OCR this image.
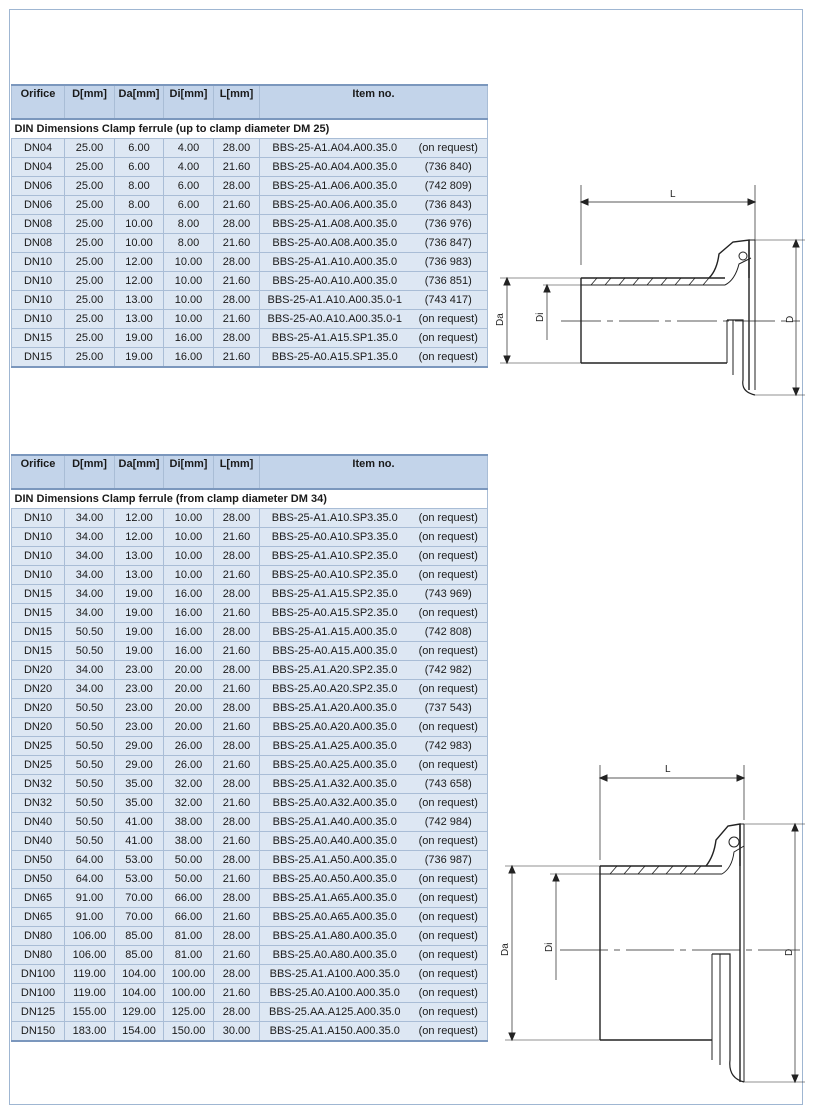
Orifice	D[mm]	Da[mm]	Di[mm]	L[mm]	Item no.	
DIN Dimensions Clamp ferrule (up to clamp diameter DM 25)						
DN04	25.00	6.00	4.00	28.00	BBS-25-A1.A04.A00.35.0	(on request)
DN04	25.00	6.00	4.00	21.60	BBS-25-A0.A04.A00.35.0	(736 840)
DN06	25.00	8.00	6.00	28.00	BBS-25-A1.A06.A00.35.0	(742 809)
DN06	25.00	8.00	6.00	21.60	BBS-25-A0.A06.A00.35.0	(736 843)
DN08	25.00	10.00	8.00	28.00	BBS-25-A1.A08.A00.35.0	(736 976)
DN08	25.00	10.00	8.00	21.60	BBS-25-A0.A08.A00.35.0	(736 847)
DN10	25.00	12.00	10.00	28.00	BBS-25-A1.A10.A00.35.0	(736 983)
DN10	25.00	12.00	10.00	21.60	BBS-25-A0.A10.A00.35.0	(736 851)
DN10	25.00	13.00	10.00	28.00	BBS-25-A1.A10.A00.35.0-1	(743 417)
DN10	25.00	13.00	10.00	21.60	BBS-25-A0.A10.A00.35.0-1	(on request)
DN15	25.00	19.00	16.00	28.00	BBS-25-A1.A15.SP1.35.0	(on request)
DN15	25.00	19.00	16.00	21.60	BBS-25-A0.A15.SP1.35.0	(on request)
Orifice	D[mm]	Da[mm]	Di[mm]	L[mm]	Item no.	
DIN Dimensions Clamp ferrule (from clamp diameter DM 34)						
DN10	34.00	12.00	10.00	28.00	BBS-25-A1.A10.SP3.35.0	(on request)
DN10	34.00	12.00	10.00	21.60	BBS-25-A0.A10.SP3.35.0	(on request)
DN10	34.00	13.00	10.00	28.00	BBS-25-A1.A10.SP2.35.0	(on request)
DN10	34.00	13.00	10.00	21.60	BBS-25-A0.A10.SP2.35.0	(on request)
DN15	34.00	19.00	16.00	28.00	BBS-25-A1.A15.SP2.35.0	(743 969)
DN15	34.00	19.00	16.00	21.60	BBS-25-A0.A15.SP2.35.0	(on request)
DN15	50.50	19.00	16.00	28.00	BBS-25-A1.A15.A00.35.0	(742 808)
DN15	50.50	19.00	16.00	21.60	BBS-25-A0.A15.A00.35.0	(on request)
DN20	34.00	23.00	20.00	28.00	BBS-25.A1.A20.SP2.35.0	(742 982)
DN20	34.00	23.00	20.00	21.60	BBS-25.A0.A20.SP2.35.0	(on request)
DN20	50.50	23.00	20.00	28.00	BBS-25.A1.A20.A00.35.0	(737 543)
DN20	50.50	23.00	20.00	21.60	BBS-25.A0.A20.A00.35.0	(on request)
DN25	50.50	29.00	26.00	28.00	BBS-25.A1.A25.A00.35.0	(742 983)
DN25	50.50	29.00	26.00	21.60	BBS-25.A0.A25.A00.35.0	(on request)
DN32	50.50	35.00	32.00	28.00	BBS-25.A1.A32.A00.35.0	(743 658)
DN32	50.50	35.00	32.00	21.60	BBS-25.A0.A32.A00.35.0	(on request)
DN40	50.50	41.00	38.00	28.00	BBS-25.A1.A40.A00.35.0	(742 984)
DN40	50.50	41.00	38.00	21.60	BBS-25.A0.A40.A00.35.0	(on request)
DN50	64.00	53.00	50.00	28.00	BBS-25.A1.A50.A00.35.0	(736 987)
DN50	64.00	53.00	50.00	21.60	BBS-25.A0.A50.A00.35.0	(on request)
DN65	91.00	70.00	66.00	28.00	BBS-25.A1.A65.A00.35.0	(on request)
DN65	91.00	70.00	66.00	21.60	BBS-25.A0.A65.A00.35.0	(on request)
DN80	106.00	85.00	81.00	28.00	BBS-25.A1.A80.A00.35.0	(on request)
DN80	106.00	85.00	81.00	21.60	BBS-25.A0.A80.A00.35.0	(on request)
DN100	119.00	104.00	100.00	28.00	BBS-25.A1.A100.A00.35.0	(on request)
DN100	119.00	104.00	100.00	21.60	BBS-25.A0.A100.A00.35.0	(on request)
DN125	155.00	129.00	125.00	28.00	BBS-25.AA.A125.A00.35.0	(on request)
DN150	183.00	154.00	150.00	30.00	BBS-25.A1.A150.A00.35.0	(on request)
L
Da	Di	D
L
Da	Di
D
